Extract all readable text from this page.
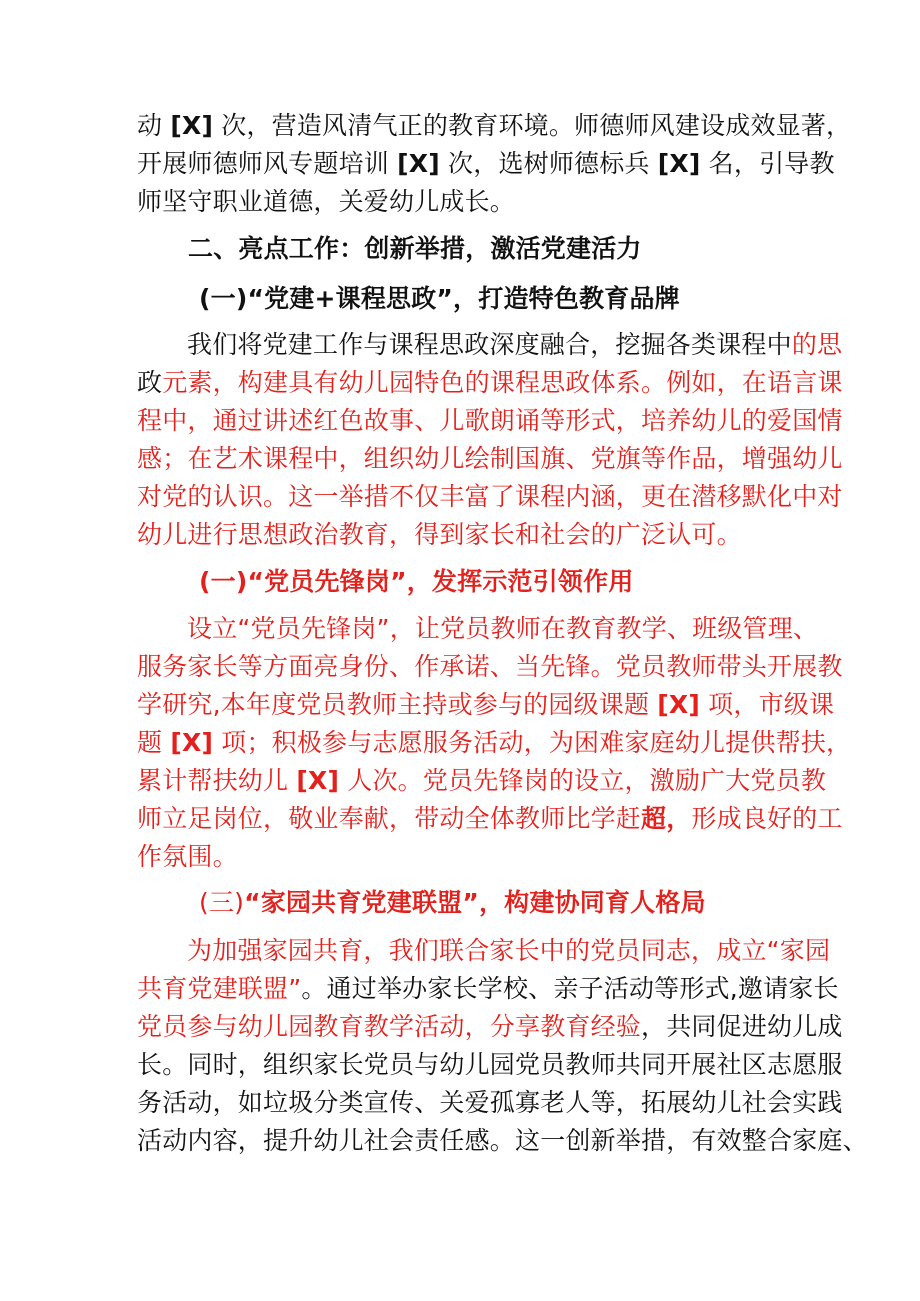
动 [X] 次，营造风清气正的教育环境。师德师风建设成效显著，
开展师德师风专题培训 [X] 次，选树师德标兵 [X] 名，引导教
师坚守职业道德，关爱幼儿成长。
二、亮点工作：创新举措，激活党建活力
(一)“党建+课程思政”，打造特色教育品牌
我们将党建工作与课程思政深度融合，挖掘各类课程中的思
政元素，构建具有幼儿园特色的课程思政体系。例如，在语言课
程中，通过讲述红色故事、儿歌朗诵等形式，培养幼儿的爱国情
感；在艺术课程中，组织幼儿绘制国旗、党旗等作品，增强幼儿
对党的认识。这一举措不仅丰富了课程内涵，更在潜移默化中对
幼儿进行思想政治教育，得到家长和社会的广泛认可。
(一)“党员先锋岗”，发挥示范引领作用
设立“党员先锋岗”，让党员教师在教育教学、班级管理、
服务家长等方面亮身份、作承诺、当先锋。党员教师带头开展教
学研究,本年度党员教师主持或参与的园级课题 [X] 项，市级课
题 [X] 项；积极参与志愿服务活动，为困难家庭幼儿提供帮扶，
累计帮扶幼儿 [X] 人次。党员先锋岗的设立，激励广大党员教
师立足岗位，敬业奉献，带动全体教师比学赶超，形成良好的工
作氛围。
(三)“家园共育党建联盟”，构建协同育人格局
为加强家园共育，我们联合家长中的党员同志，成立“家园
共育党建联盟”。通过举办家长学校、亲子活动等形式,邀请家长
党员参与幼儿园教育教学活动，分享教育经验，共同促进幼儿成
长。同时，组织家长党员与幼儿园党员教师共同开展社区志愿服
务活动，如垃圾分类宣传、关爱孤寡老人等，拓展幼儿社会实践
活动内容，提升幼儿社会责任感。这一创新举措，有效整合家庭、
